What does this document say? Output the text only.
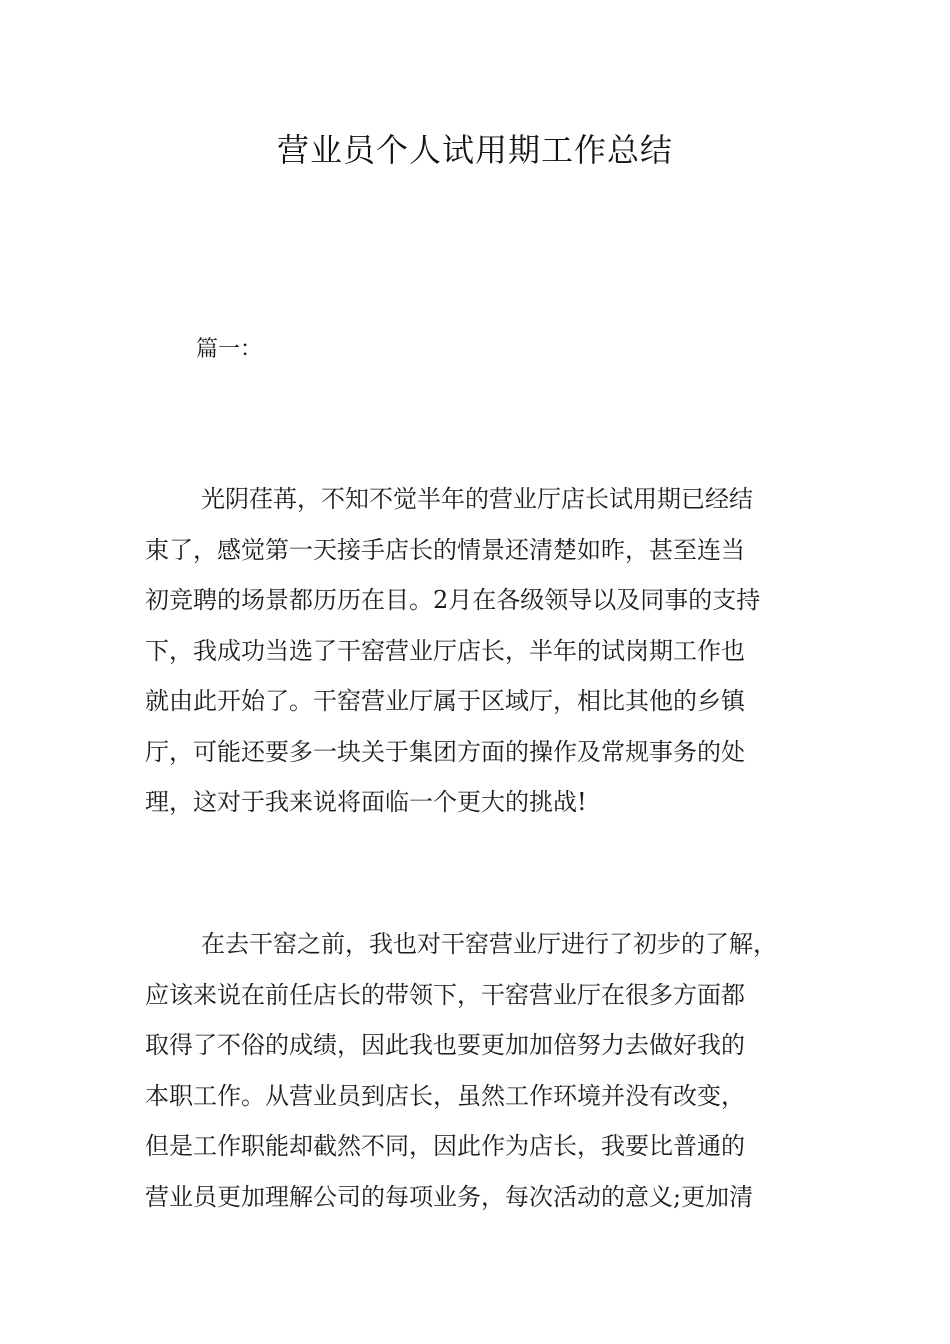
营业员个人试用期工作总结

篇一：

光阴荏苒，不知不觉半年的营业厅店长试用期已经结
束了，感觉第一天接手店长的情景还清楚如昨，甚至连当
初竞聘的场景都历历在目。2月在各级领导以及同事的支持
下，我成功当选了干窑营业厅店长，半年的试岗期工作也
就由此开始了。干窑营业厅属于区域厅，相比其他的乡镇
厅，可能还要多一块关于集团方面的操作及常规事务的处
理，这对于我来说将面临一个更大的挑战!
在去干窑之前，我也对干窑营业厅进行了初步的了解，
应该来说在前任店长的带领下，干窑营业厅在很多方面都
取得了不俗的成绩，因此我也要更加加倍努力去做好我的
本职工作。从营业员到店长，虽然工作环境并没有改变，
但是工作职能却截然不同，因此作为店长，我要比普通的
营业员更加理解公司的每项业务，每次活动的意义;更加清
